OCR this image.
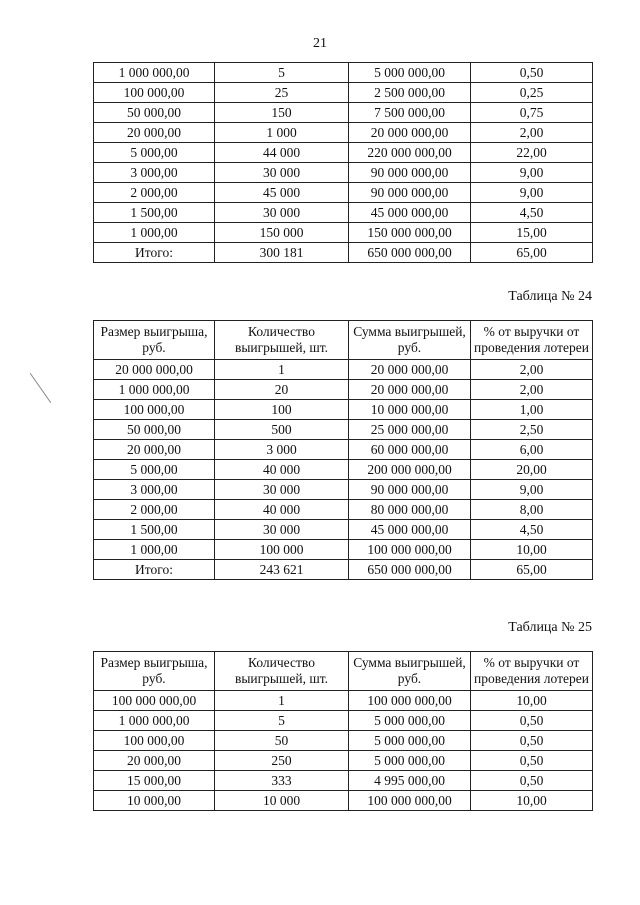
21
1 000 000,00	5	5 000 000,00	0,50
100 000,00	25	2 500 000,00	0,25
50 000,00	150	7 500 000,00	0,75
20 000,00	1 000	20 000 000,00	2,00
5 000,00	44 000	220 000 000,00	22,00
3 000,00	30 000	90 000 000,00	9,00
2 000,00	45 000	90 000 000,00	9,00
1 500,00	30 000	45 000 000,00	4,50
1 000,00	150 000	150 000 000,00	15,00
Итого:	300 181	650 000 000,00	65,00
Таблица № 24
Размер выигрыша, руб.	Количество выигрышей, шт.	Сумма выигрышей, руб.	% от выручки от проведения лотереи
20 000 000,00	1	20 000 000,00	2,00
1 000 000,00	20	20 000 000,00	2,00
100 000,00	100	10 000 000,00	1,00
50 000,00	500	25 000 000,00	2,50
20 000,00	3 000	60 000 000,00	6,00
5 000,00	40 000	200 000 000,00	20,00
3 000,00	30 000	90 000 000,00	9,00
2 000,00	40 000	80 000 000,00	8,00
1 500,00	30 000	45 000 000,00	4,50
1 000,00	100 000	100 000 000,00	10,00
Итого:	243 621	650 000 000,00	65,00
Таблица № 25
Размер выигрыша, руб.	Количество выигрышей, шт.	Сумма выигрышей, руб.	% от выручки от проведения лотереи
100 000 000,00	1	100 000 000,00	10,00
1 000 000,00	5	5 000 000,00	0,50
100 000,00	50	5 000 000,00	0,50
20 000,00	250	5 000 000,00	0,50
15 000,00	333	4 995 000,00	0,50
10 000,00	10 000	100 000 000,00	10,00
